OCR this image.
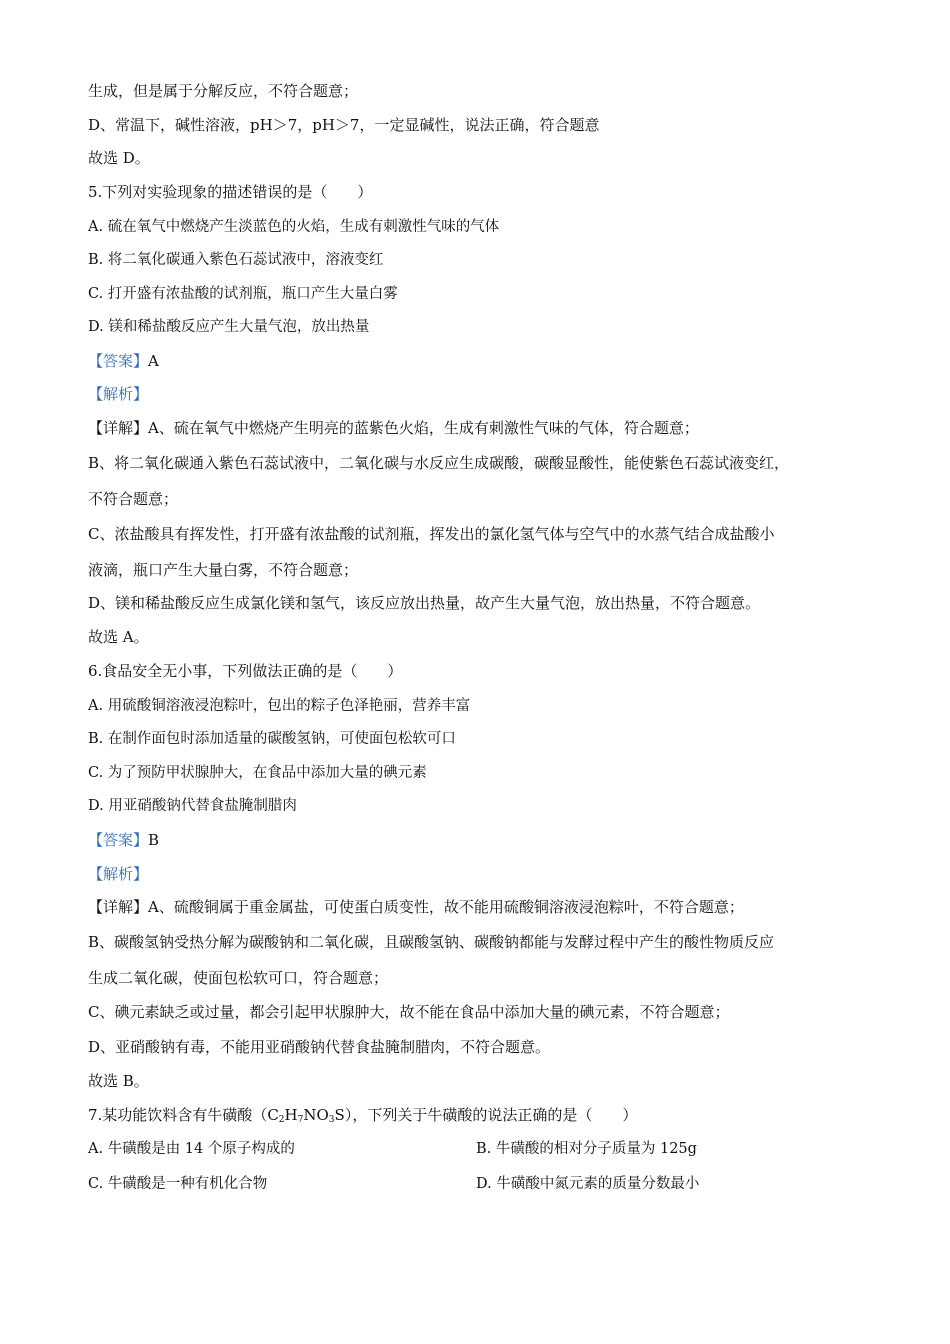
生成，但是属于分解反应，不符合题意；
D、常温下，碱性溶液，pH＞7，pH＞7，一定显碱性，说法正确，符合题意
故选 D。
5.下列对实验现象的描述错误的是（　　）
A. 硫在氧气中燃烧产生淡蓝色的火焰，生成有刺激性气味的气体
B. 将二氧化碳通入紫色石蕊试液中，溶液变红
C. 打开盛有浓盐酸的试剂瓶，瓶口产生大量白雾
D. 镁和稀盐酸反应产生大量气泡，放出热量
【答案】A
【解析】
【详解】A、硫在氧气中燃烧产生明亮的蓝紫色火焰，生成有刺激性气味的气体，符合题意；
B、将二氧化碳通入紫色石蕊试液中，二氧化碳与水反应生成碳酸，碳酸显酸性，能使紫色石蕊试液变红，
不符合题意；
C、浓盐酸具有挥发性，打开盛有浓盐酸的试剂瓶，挥发出的氯化氢气体与空气中的水蒸气结合成盐酸小
液滴，瓶口产生大量白雾，不符合题意；
D、镁和稀盐酸反应生成氯化镁和氢气，该反应放出热量，故产生大量气泡，放出热量，不符合题意。
故选 A。
6.食品安全无小事，下列做法正确的是（　　）
A. 用硫酸铜溶液浸泡粽叶，包出的粽子色泽艳丽，营养丰富
B. 在制作面包时添加适量的碳酸氢钠，可使面包松软可口
C. 为了预防甲状腺肿大，在食品中添加大量的碘元素
D. 用亚硝酸钠代替食盐腌制腊肉
【答案】B
【解析】
【详解】A、硫酸铜属于重金属盐，可使蛋白质变性，故不能用硫酸铜溶液浸泡粽叶，不符合题意；
B、碳酸氢钠受热分解为碳酸钠和二氧化碳，且碳酸氢钠、碳酸钠都能与发酵过程中产生的酸性物质反应
生成二氧化碳，使面包松软可口，符合题意；
C、碘元素缺乏或过量，都会引起甲状腺肿大，故不能在食品中添加大量的碘元素，不符合题意；
D、亚硝酸钠有毒，不能用亚硝酸钠代替食盐腌制腊肉，不符合题意。
故选 B。
7.某功能饮料含有牛磺酸$(C_2H_7NO_3S)$，下列关于牛磺酸的说法正确的是（　　）
A. 牛磺酸是由 14 个原子构成的	B. 牛磺酸的相对分子质量为 125g
C. 牛磺酸是一种有机化合物	D. 牛磺酸中氮元素的质量分数最小
